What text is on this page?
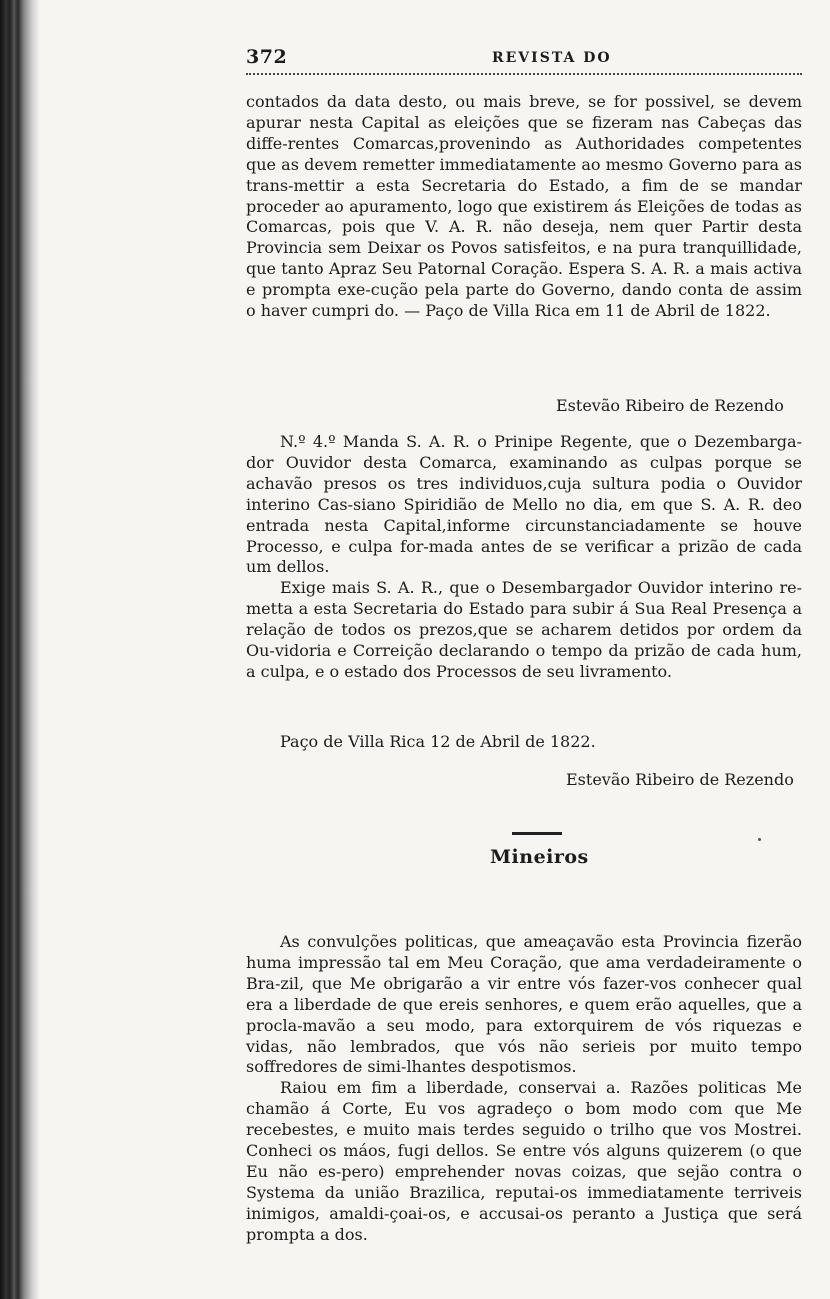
372	REVISTA DO

contados da data desto, ou mais breve, se for possivel, se devem apurar nesta Capital as eleições que se fizeram nas Cabeças das diffe-rentes Comarcas,provenindo as Authoridades competentes que as devem remetter immediatamente ao mesmo Governo para as trans-mettir a esta Secretaria do Estado, a fim de se mandar proceder ao apuramento, logo que existirem ás Eleições de todas as Comarcas, pois que V. A. R. não deseja, nem quer Partir desta Provincia sem Deixar os Povos satisfeitos, e na pura tranquillidade, que tanto Apraz Seu Patornal Coração. Espera S. A. R. a mais activa e prompta exe-cução pela parte do Governo, dando conta de assim o haver cumpri do. — Paço de Villa Rica em 11 de Abril de 1822.

Estevão Ribeiro de Rezendo

N.º 4.º Manda S. A. R. o Prinipe Regente, que o Dezembarga-dor Ouvidor desta Comarca, examinando as culpas porque se achavão presos os tres individuos,cuja sultura podia o Ouvidor interino Cas-siano Spiridião de Mello no dia, em que S. A. R. deo entrada nesta Capital,informe circunstanciadamente se houve Processo, e culpa for-mada antes de se verificar a prizão de cada um dellos.

Exige mais S. A. R., que o Desembargador Ouvidor interino re-metta a esta Secretaria do Estado para subir á Sua Real Presença a relação de todos os prezos,que se acharem detidos por ordem da Ou-vidoria e Correição declarando o tempo da prizão de cada hum, a culpa, e o estado dos Processos de seu livramento.

Paço de Villa Rica 12 de Abril de 1822.
Estevão Ribeiro de Rezendo
Mineiros

As convulções politicas, que ameaçavão esta Provincia fizerão huma impressão tal em Meu Coração, que ama verdadeiramente o Bra-zil, que Me obrigarão a vir entre vós fazer-vos conhecer qual era a liberdade de que ereis senhores, e quem erão aquelles, que a procla-mavão a seu modo, para extorquirem de vós riquezas e vidas, não lembrados, que vós não serieis por muito tempo soffredores de simi-lhantes despotismos.

Raiou em fim a liberdade, conservai a. Razões politicas Me chamão á Corte, Eu vos agradeço o bom modo com que Me recebestes, e muito mais terdes seguido o trilho que vos Mostrei. Conheci os máos, fugi dellos. Se entre vós alguns quizerem (o que Eu não es-pero) emprehender novas coizas, que sejão contra o Systema da união Brazilica, reputai-os immediatamente terriveis inimigos, amaldi-çoai-os, e accusai-os peranto a Justiça que será prompta a dos.
